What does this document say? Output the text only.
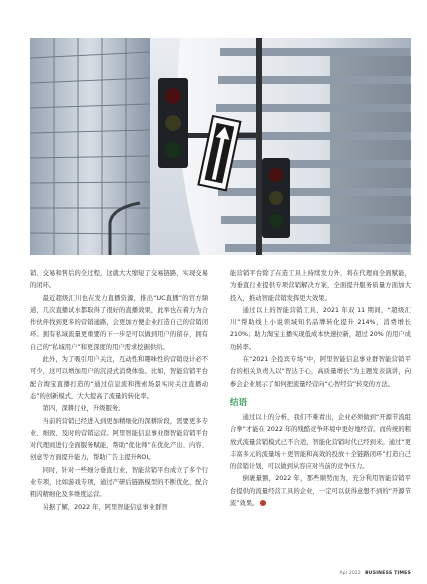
销、交易和售后的全过程，这就大大缩短了交易链路，实现交易的闭环。

最近超级汇川也在发力直播资源，推出“UC直播”的官方频道，几次直播试水都取得了很好的直播效果，此举也在着力为合作伙伴找到更多的营销通路，会更加方便企业打造自己的营销闭环。拥有私域流量更重要的下一步是可以做到用户的留存，拥有自己的“私域用户”和更深度的用户需求挖掘供给。

此外，为了吸引用户关注，互动性和趣味性的营销设计必不可少，这可以增加用户的沉浸式消费体验。比如，智能营销平台配合淘宝直播打造的“通过信息流和搜索场景实时关注直播动态”的创新模式，大大提高了流量的转化率。

第四，深耕行业，升级服务。

当前的营销已经进入到更加精细化的深耕阶段，需要更多专业、细致、及时的营销运营。阿里智能信息事业群智能营销平台对代理商进行全面服务赋能，帮助“优化师”在优化产出、内容、创意等方面提升能力，帮助广告主提升ROI。

同时，针对一些细分垂直行业，智能营销平台成立了多个行业专项，比如游戏专项，通过产研后链路模型的不断优化，配合粗闪精细化及多维度运营。

另据了解，2022 年，阿里智能信息事业群智

能营销平台除了在造工具上持续发力外，将在代理商全面赋能，为垂直行业提供专项营销解决方案，全面提升服务质量方面加大投入，推动智能营销发挥更大效果。

通过以上的智能营销工具，2021 年双 11 期间，“超级汇川”帮助线上小说领域知名品牌转化提升 214%，消费增长 210%；助力淘宝主播实现低成本快速拉新，超过 20% 的用户成功转率。

在“2021 全投宾专场”中，阿里智能信息事业群智能营销平台的相关负责人以“智达于心，高质量增长”为主题发表演讲，向参会企业展示了如何把流量经营向“心智经营”转变的方法。

结语

通过以上的分析，我们不难看出，企业必须做到“开源节流组合拳”才能在 2022 年的残酷竞争环境中更好地经营。而传统的粗放式流量营销模式已不合适，智能化营销时代已经到来。通过“更丰富多元的流量场＋更智能和高效的投放＋全链路闭环”打造自己的营销计划，可以做到从容应对当前的竞争压力。

倒裹量额，2022 年，那些顺势而为，充分利用智能营销平台提供的流量经营工具的企业，一定可以获得意想不到的“开源节流”效果。

Apr 2022 BUSINESS TIMES
